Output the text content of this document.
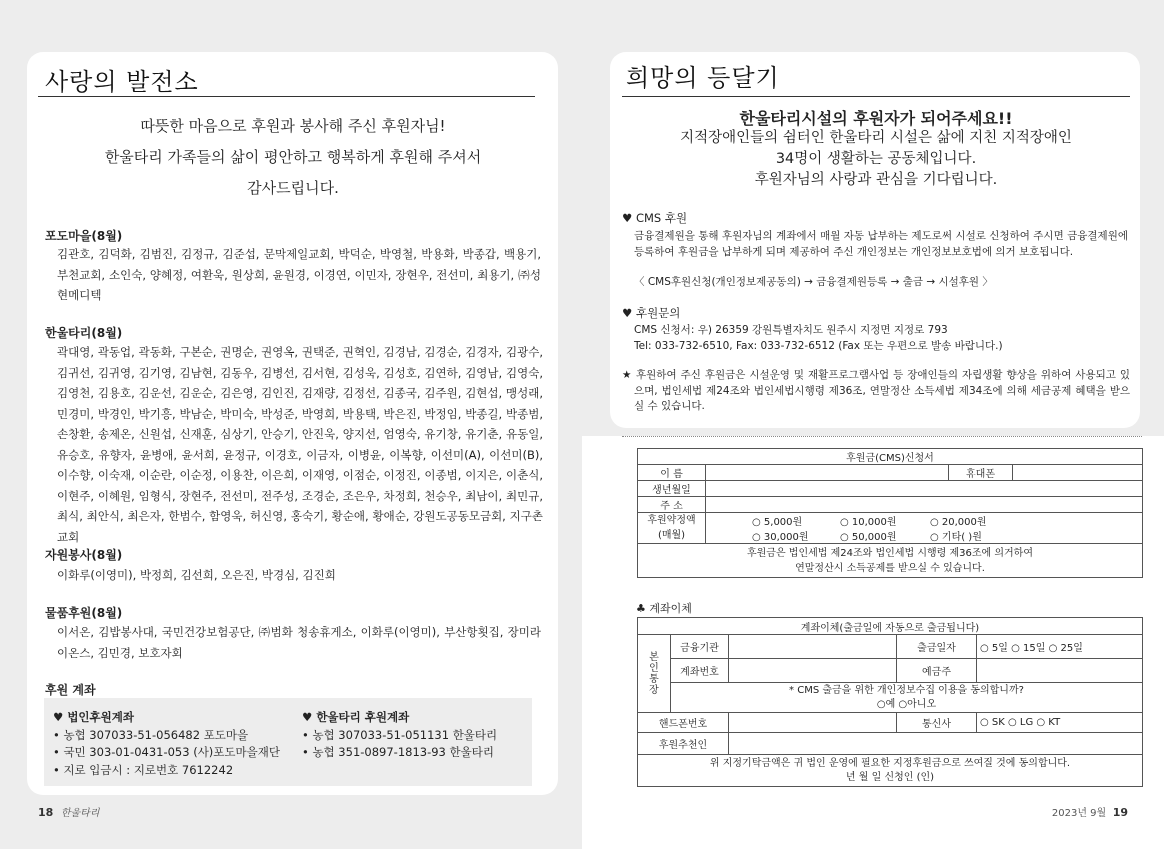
사랑의 발전소
따뜻한 마음으로 후원과 봉사해 주신 후원자님!
한울타리 가족들의 삶이 평안하고 행복하게 후원해 주셔서
감사드립니다.
포도마을(8월)
김관호, 김덕화, 김범진, 김정규, 김준섭, 문막제일교회, 박덕순, 박영철, 박용화, 박종갑, 백용기, 부천교회, 소인숙, 양혜정, 여환욱, 원상희, 윤원경, 이경연, 이민자, 장현우, 전선미, 최용기, ㈜성현메디텍
한울타리(8월)
곽대영, 곽동업, 곽동화, 구본순, 권명순, 권영옥, 권택준, 권혁인, 김경남, 김경순, 김경자, 김광수, 김귀선, 김귀영, 김기영, 김남현, 김동우, 김병선, 김서현, 김성욱, 김성호, 김연하, 김영남, 김영숙, 김영천, 김용호, 김운선, 김운순, 김은영, 김인진, 김재량, 김정선, 김종국, 김주원, 김현섭, 맹성래, 민경미, 박경인, 박기흥, 박남순, 박미숙, 박성준, 박영희, 박용택, 박은진, 박정임, 박종길, 박종범, 손창환, 송제온, 신원섭, 신재훈, 심상기, 안승기, 안진욱, 양지선, 엄영숙, 유기창, 유기춘, 유동일, 유승호, 유향자, 윤병애, 윤서희, 윤정규, 이경호, 이금자, 이병윤, 이복향, 이선미(A), 이선미(B), 이수향, 이숙재, 이순란, 이순정, 이용찬, 이은희, 이재영, 이점순, 이정진, 이종범, 이지은, 이춘식, 이현주, 이혜원, 임형식, 장현주, 전선미, 전주성, 조경순, 조은우, 차정희, 천승우, 최남이, 최민규, 최식, 최안식, 최은자, 한범수, 함영욱, 허신영, 홍숙기, 황순애, 황애순, 강원도공동모금회, 지구촌교회
자원봉사(8월)
이화루(이영미), 박정희, 김선희, 오은진, 박경심, 김진희
물품후원(8월)
이서온, 김밥봉사대, 국민건강보험공단, ㈜범화 청송휴게소, 이화루(이영미), 부산항횟집, 장미라이온스, 김민경, 보호자회
후원 계좌
♥ 법인후원계좌
• 농협 307033-51-056482 포도마을
• 국민 303-01-0431-053 (사)포도마을재단
• 지로 입금시 : 지로번호 7612242
♥ 한울타리 후원계좌
• 농협 307033-51-051131 한울타리
• 농협 351-0897-1813-93 한울타리
18 한울타리
희망의 등달기
한울타리시설의 후원자가 되어주세요!!
지적장애인들의 쉼터인 한울타리 시설은 삶에 지친 지적장애인
34명이 생활하는 공동체입니다.
후원자님의 사랑과 관심을 기다립니다.
♥ CMS 후원
금융결제원을 통해 후원자님의 계좌에서 매월 자동 납부하는 제도로써 시설로 신청하여 주시면 금융결제원에 등록하여 후원금을 납부하게 되며 제공하여 주신 개인정보는 개인정보보호법에 의거 보호됩니다.
〈 CMS후원신청(개인정보제공동의) → 금융결제원등록 → 출금 → 시설후원 〉
♥ 후원문의
CMS 신청서: 우) 26359 강원특별자치도 원주시 지정면 지정로 793
Tel: 033-732-6510, Fax: 033-732-6512 (Fax 또는 우편으로 발송 바랍니다.)
★ 후원하여 주신 후원금은 시설운영 및 재활프로그램사업 등 장애인들의 자립생활 향상을 위하여 사용되고 있으며, 법인세법 제24조와 법인세법시행령 제36조, 연말정산 소득세법 제34조에 의해 세금공제 혜택을 받으실 수 있습니다.
후원금(CMS)신청서			
이 름		휴대폰	
생년월일			
주 소			

후원약정액
(매월)	○ 5,000원 ○ 10,000원 ○ 20,000원		
	○ 30,000원 ○ 50,000원 ○ 기타( )원		

후원금은 법인세법 제24조와 법인세법 시행령 제36조에 의거하여
연말정산시 소득공제를 받으실 수 있습니다.			
♣ 계좌이체
계좌이체(출금일에 자동으로 출금됩니다)				
본인통장	금융기관		출금일자	○ 5일 ○ 15일 ○ 25일
	계좌번호		예금주	

	* CMS 출금을 위한 개인정보수집 이용을 동의합니까?
○예 ○아니오			

핸드폰번호			통신사	○ SK ○ LG ○ KT
후원추천인				

위 지정기탁금액은 귀 법인 운영에 필요한 지정후원금으로 쓰여질 것에 동의합니다.
년 월 일 신청인 (인)				
2023년 9월 19
